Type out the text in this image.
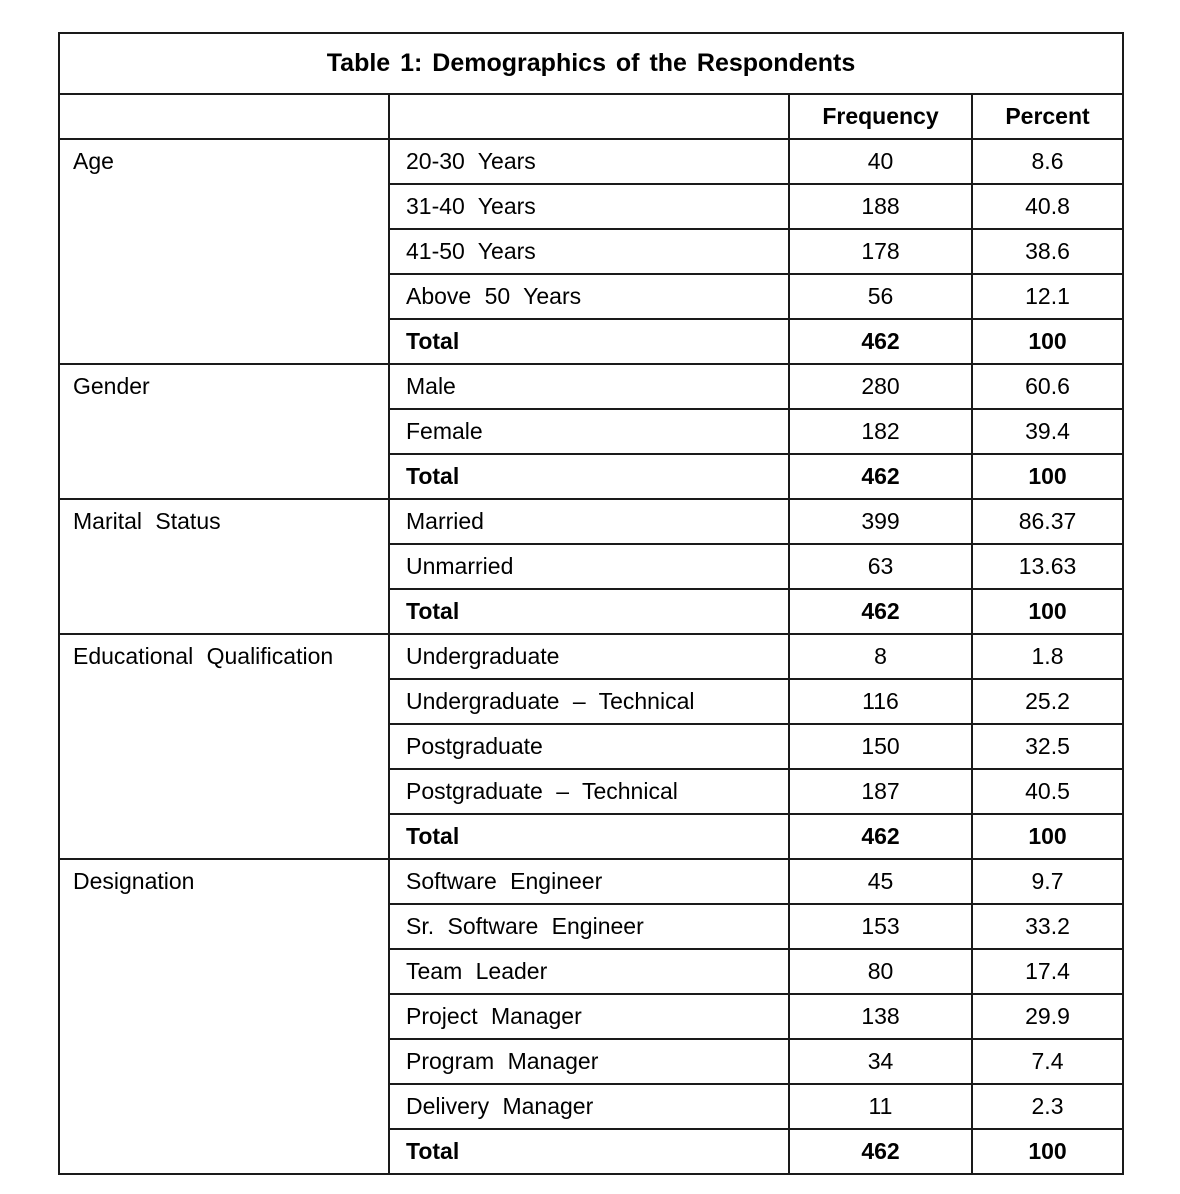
Table 1: Demographics of the Respondents			
		Frequency	Percent
Age	20-30 Years	40	8.6
	31-40 Years	188	40.8
	41-50 Years	178	38.6
	Above 50 Years	56	12.1
	Total	462	100
Gender	Male	280	60.6
	Female	182	39.4
	Total	462	100
Marital Status	Married	399	86.37
	Unmarried	63	13.63
	Total	462	100
Educational Qualification	Undergraduate	8	1.8
	Undergraduate – Technical	116	25.2
	Postgraduate	150	32.5
	Postgraduate – Technical	187	40.5
	Total	462	100
Designation	Software Engineer	45	9.7
	Sr. Software Engineer	153	33.2
	Team Leader	80	17.4
	Project Manager	138	29.9
	Program Manager	34	7.4
	Delivery Manager	11	2.3
	Total	462	100
